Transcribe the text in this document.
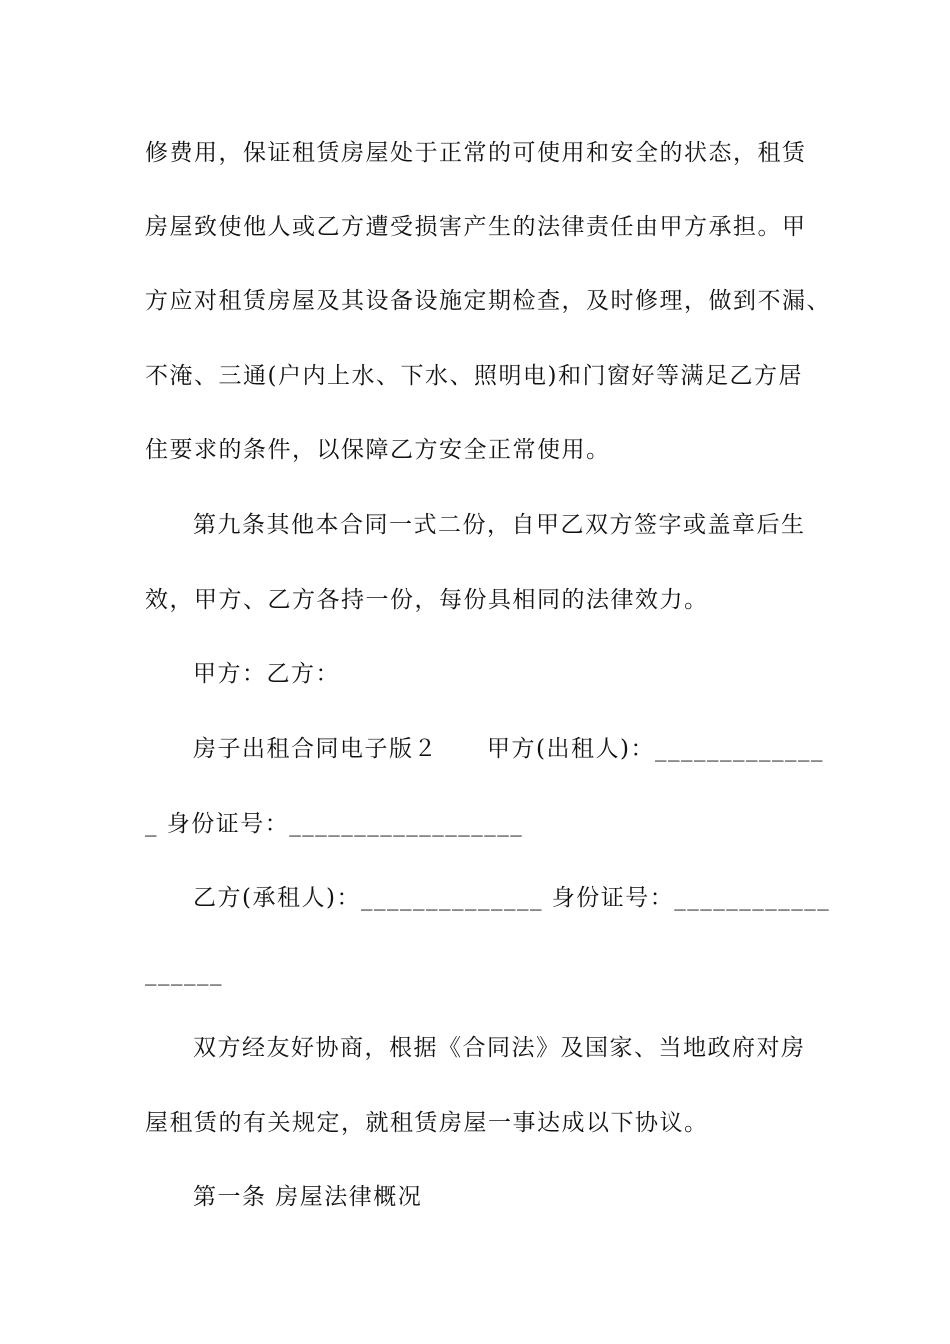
修费用，保证租赁房屋处于正常的可使用和安全的状态，租赁
房屋致使他人或乙方遭受损害产生的法律责任由甲方承担。甲
方应对租赁房屋及其设备设施定期检查，及时修理，做到不漏、
不淹、三通(户内上水、下水、照明电)和门窗好等满足乙方居
住要求的条件，以保障乙方安全正常使用。
第九条其他本合同一式二份，自甲乙双方签字或盖章后生
效，甲方、乙方各持一份，每份具相同的法律效力。
甲方：乙方：
房子出租合同电子版２　　甲方(出租人)：_____________
_ 身份证号：__________________
乙方(承租人)：______________ 身份证号：____________
______
双方经友好协商，根据《合同法》及国家、当地政府对房
屋租赁的有关规定，就租赁房屋一事达成以下协议。
第一条 房屋法律概况
